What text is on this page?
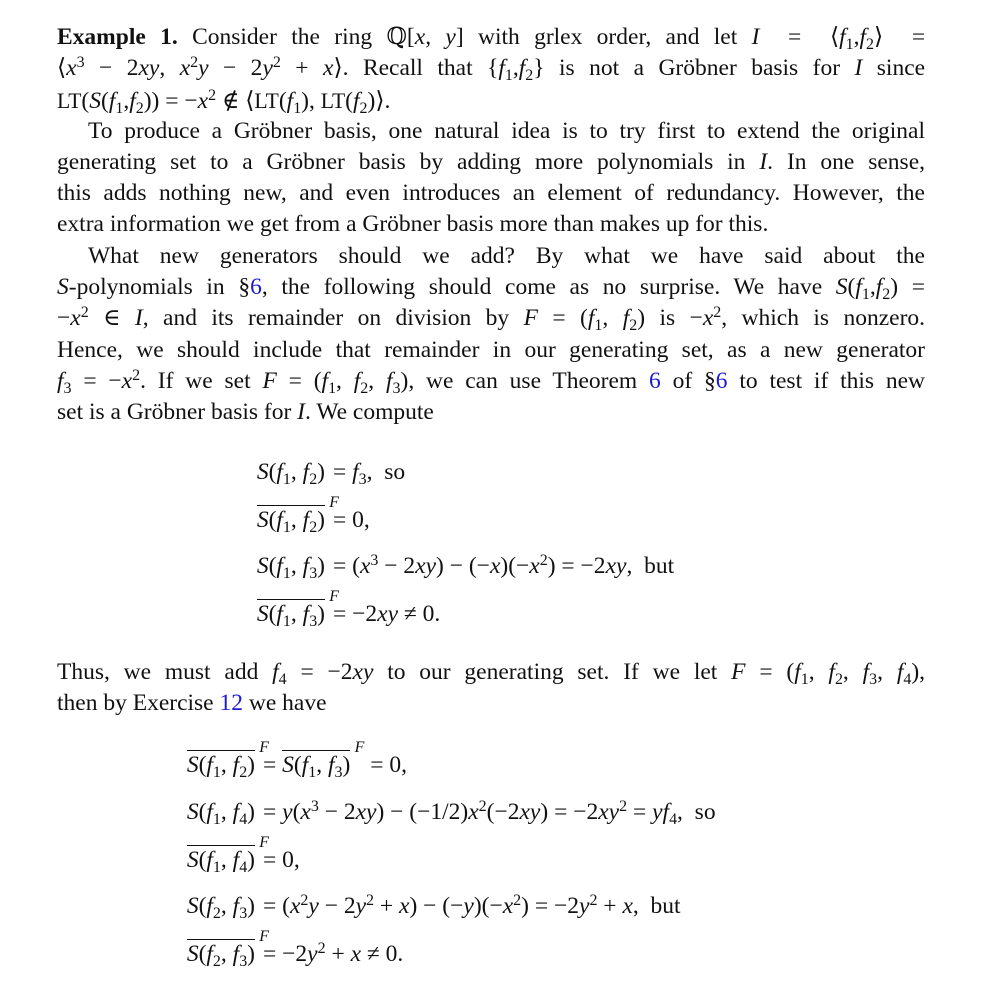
Example 1. Consider the ring ℚ[x, y] with grlex order, and let $I = ⟨f_1,f_2⟩$  =
$⟨x^3 - 2xy$, $x^2y - 2y^2$ + x⟩. Recall that $\{f_1,f_2\}$ is not a Gröbner basis for I since
$LT(S(f_1,f_2)) = -x^2$ ∉ $⟨LT(f_1)$, $LT(f_2)⟩$.
To produce a Gröbner basis, one natural idea is to try first to extend the original
generating set to a Gröbner basis by adding more polynomials in I. In one sense,
this adds nothing new, and even introduces an element of redundancy. However, the
extra information we get from a Gröbner basis more than makes up for this.
What new generators should we add? By what we have said about the
S-polynomials in §6, the following should come as no surprise. We have $S(f_1,f_2)$ =
$-x^2$ ∈ I, and its remainder on division by $F = (f_1$, $f_2$) is $-x^2$, which is nonzero.
Hence, we should include that remainder in our generating set, as a new generator
$f_3 = -x^2$. If we set $F = (f_1$, $f_2$, $f_3$), we can use Theorem 6 of §6 to test if this new
set is a Gröbner basis for I. We compute
$S(f_1$, $f_2) = f_3$,  so
$S(f_1$, $f_2$)
F
= 0,
$S(f_1$, $f_3) = (x^3 - 2xy) - (-x)(-x^2) = -2xy$,  but
$S(f_1$, $f_3$)
F
= −2xy ≠ 0.
Thus, we must add $f_4 = -2xy$ to our generating set. If we let $F = (f_1$, $f_2$, $f_3$, $f_4$),
then by Exercise 12 we have
$S(f_1$, $f_2$)
F
= $S(f_1$, $f_3$)
F
= 0,
$S(f_1$, $f_4) = y(x^3 - 2xy) - (-1/2)x^2(-2xy) = -2xy^2 = yf_4$,  so
$S(f_1$, $f_4$)
F
= 0,
$S(f_2$, $f_3) = (x^2y - 2y^2 + x) - (-y)(-x^2) = -2y^2 + x$,  but
$S(f_2$, $f_3$)
F
= $-2y^2 + x \ne 0$.
